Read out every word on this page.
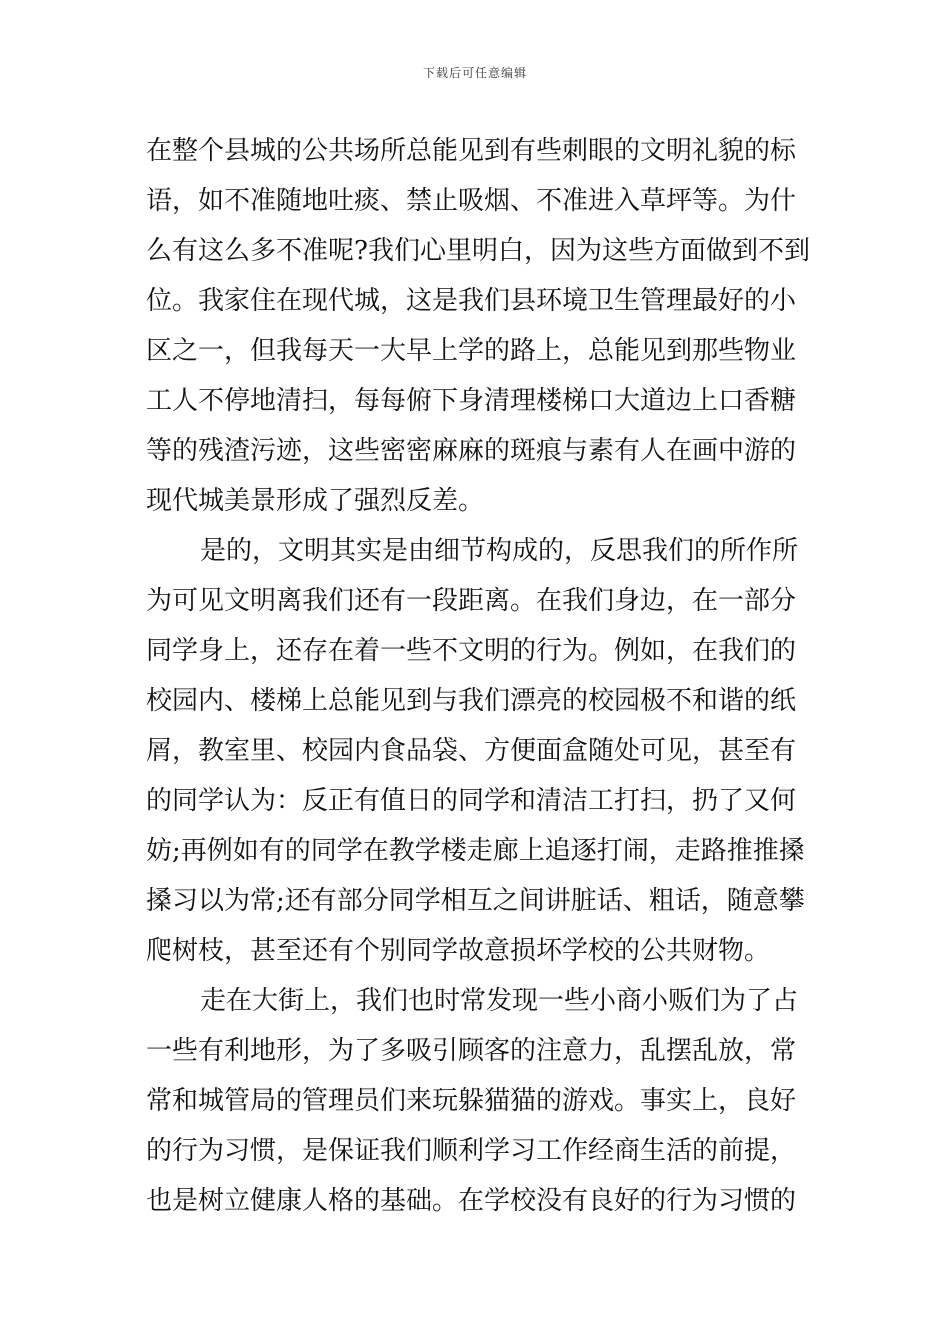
下载后可任意编辑
在整个县城的公共场所总能见到有些刺眼的文明礼貌的标
语，如不准随地吐痰、禁止吸烟、不准进入草坪等。为什
么有这么多不准呢?我们心里明白，因为这些方面做到不到
位。我家住在现代城，这是我们县环境卫生管理最好的小
区之一，但我每天一大早上学的路上，总能见到那些物业
工人不停地清扫，每每俯下身清理楼梯口大道边上口香糖
等的残渣污迹，这些密密麻麻的斑痕与素有人在画中游的
现代城美景形成了强烈反差。
是的，文明其实是由细节构成的，反思我们的所作所
为可见文明离我们还有一段距离。在我们身边，在一部分
同学身上，还存在着一些不文明的行为。例如，在我们的
校园内、楼梯上总能见到与我们漂亮的校园极不和谐的纸
屑，教室里、校园内食品袋、方便面盒随处可见，甚至有
的同学认为：反正有值日的同学和清洁工打扫，扔了又何
妨;再例如有的同学在教学楼走廊上追逐打闹，走路推推搡
搡习以为常;还有部分同学相互之间讲脏话、粗话，随意攀
爬树枝，甚至还有个别同学故意损坏学校的公共财物。
走在大街上，我们也时常发现一些小商小贩们为了占
一些有利地形，为了多吸引顾客的注意力，乱摆乱放，常
常和城管局的管理员们来玩躲猫猫的游戏。事实上，良好
的行为习惯，是保证我们顺利学习工作经商生活的前提，
也是树立健康人格的基础。在学校没有良好的行为习惯的
